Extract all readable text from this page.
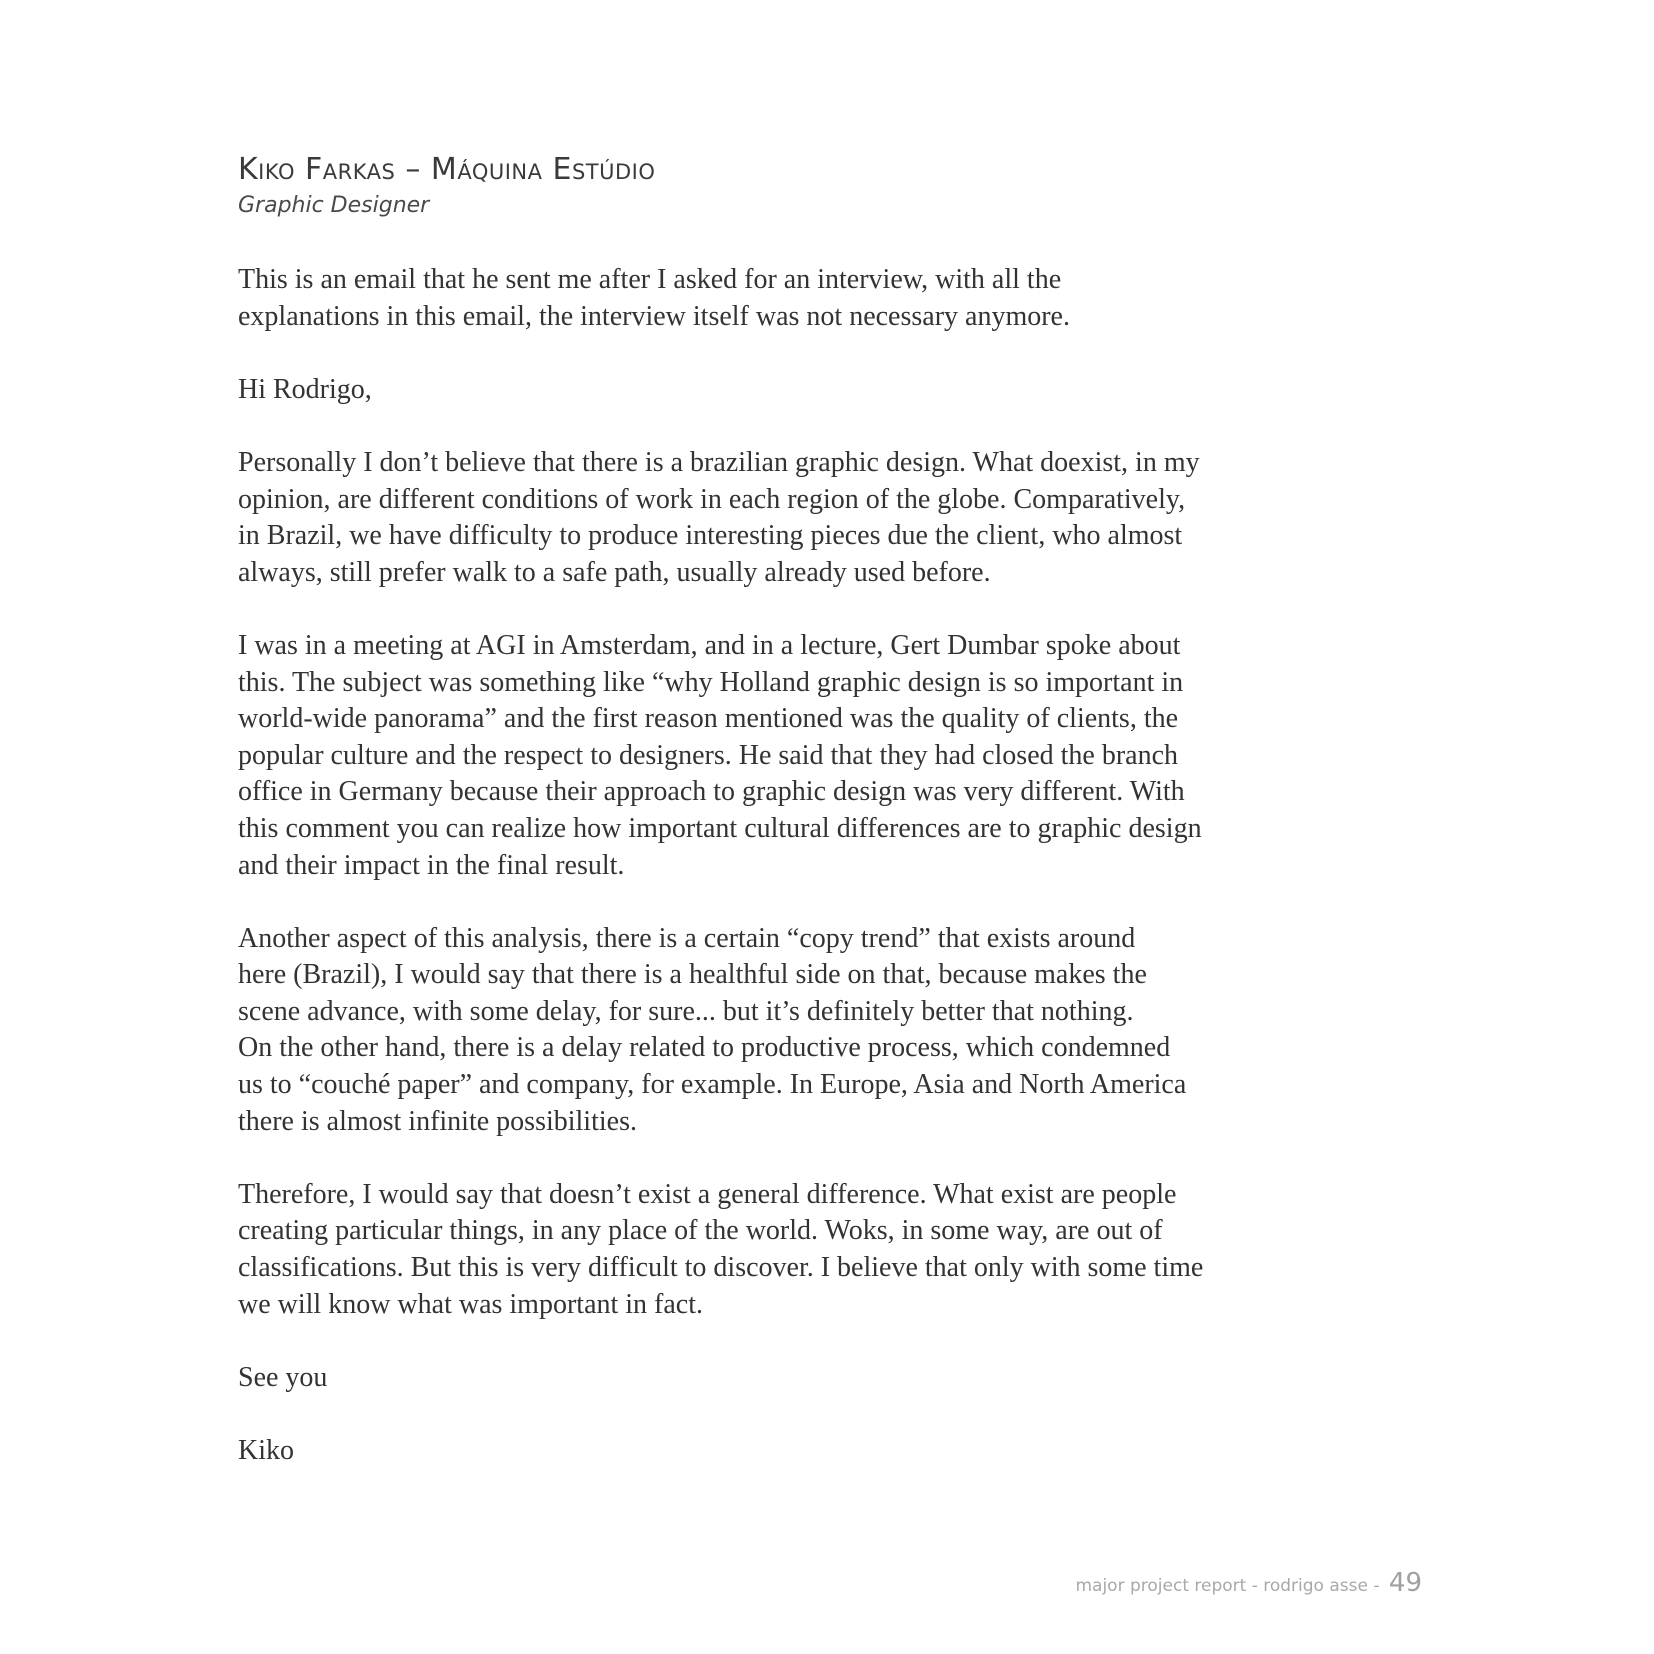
Kiko Farkas – Máquina Estúdio
Graphic Designer

This is an email that he sent me after I asked for an interview, with all the
explanations in this email, the interview itself was not necessary anymore.

Hi Rodrigo,

Personally I don’t believe that there is a brazilian graphic design. What doexist, in my
opinion, are different conditions of work in each region of the globe. Comparatively,
in Brazil, we have difficulty to produce interesting pieces due the client, who almost
always, still prefer walk to a safe path, usually already used before.

I was in a meeting at AGI in Amsterdam, and in a lecture, Gert Dumbar spoke about
this. The subject was something like “why Holland graphic design is so important in
world-wide panorama” and the first reason mentioned was the quality of clients, the
popular culture and the respect to designers. He said that they had closed the branch
office in Germany because their approach to graphic design was very different. With
this comment you can realize how important cultural differences are to graphic design
and their impact in the final result.

Another aspect of this analysis, there is a certain “copy trend” that exists around
here (Brazil), I would say that there is a healthful side on that, because makes the
scene advance, with some delay, for sure... but it’s definitely better that nothing.
On the other hand, there is a delay related to productive process, which condemned
us to “couché paper” and company, for example. In Europe, Asia and North America
there is almost infinite possibilities.

Therefore, I would say that doesn’t exist a general difference. What exist are people
creating particular things, in any place of the world. Woks, in some way, are out of
classifications. But this is very difficult to discover. I believe that only with some time
we will know what was important in fact.

See you

Kiko

major project report - rodrigo asse - 49
